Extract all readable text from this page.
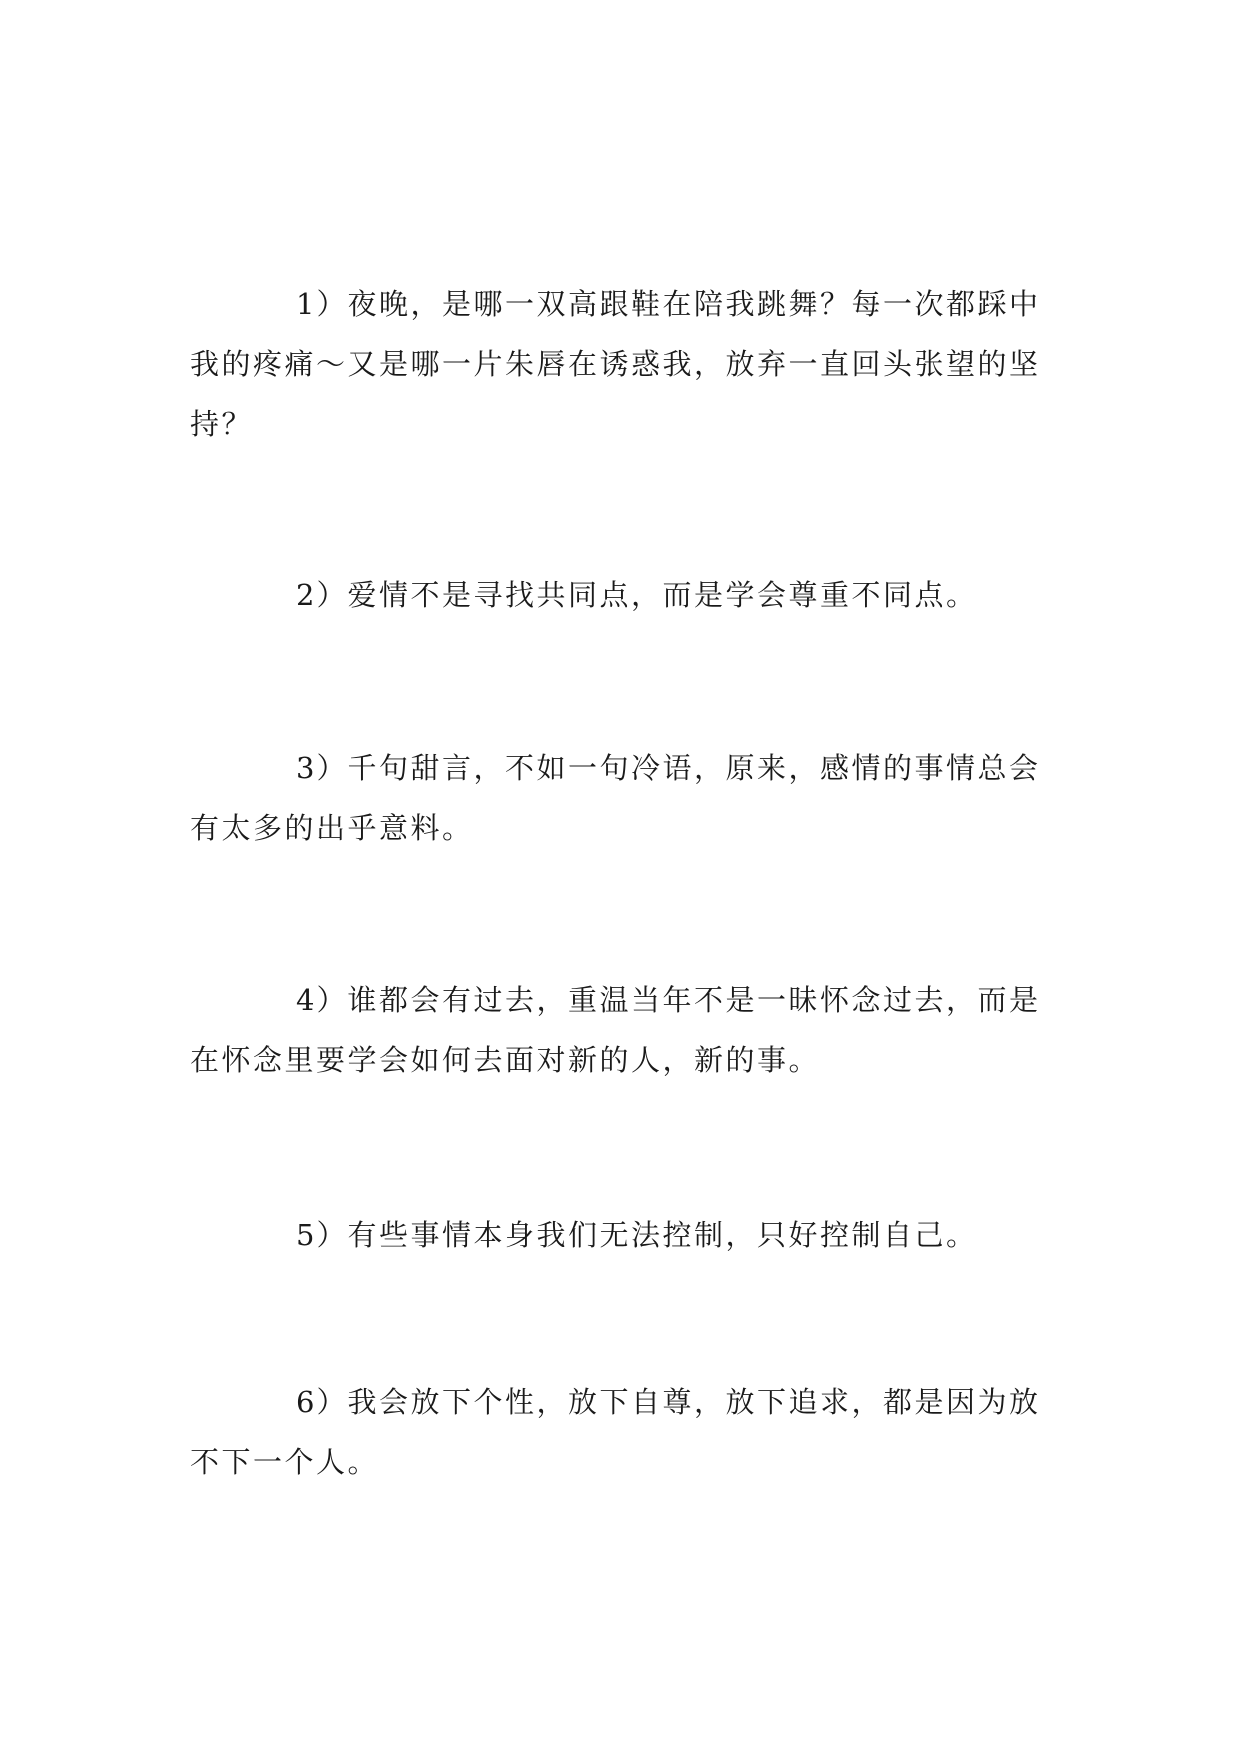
1）夜晚，是哪一双高跟鞋在陪我跳舞？每一次都踩中我的疼痛～又是哪一片朱唇在诱惑我，放弃一直回头张望的坚持？

2）爱情不是寻找共同点，而是学会尊重不同点。

3）千句甜言，不如一句冷语，原来，感情的事情总会有太多的出乎意料。

4）谁都会有过去，重温当年不是一昧怀念过去，而是在怀念里要学会如何去面对新的人，新的事。

5）有些事情本身我们无法控制，只好控制自己。

6）我会放下个性，放下自尊，放下追求，都是因为放不下一个人。
